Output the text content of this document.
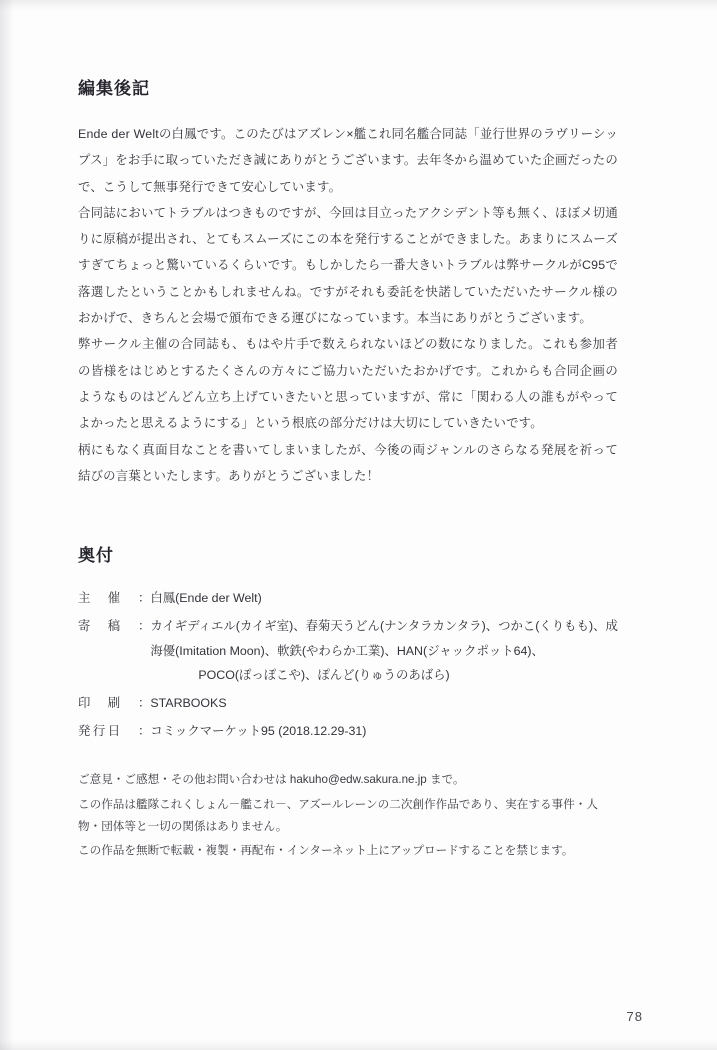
編集後記

Ende der Weltの白鳳です。このたびはアズレン×艦これ同名艦合同誌「並行世界のラヴリーシップス」をお手に取っていただき誠にありがとうございます。去年冬から温めていた企画だったので、こうして無事発行できて安心しています。

合同誌においてトラブルはつきものですが、今回は目立ったアクシデント等も無く、ほぼメ切通りに原稿が提出され、とてもスムーズにこの本を発行することができました。あまりにスムーズすぎてちょっと驚いているくらいです。もしかしたら一番大きいトラブルは弊サークルがC95で落選したということかもしれませんね。ですがそれも委託を快諾していただいたサークル様のおかげで、きちんと会場で頒布できる運びになっています。本当にありがとうございます。

弊サークル主催の合同誌も、もはや片手で数えられないほどの数になりました。これも参加者の皆様をはじめとするたくさんの方々にご協力いただいたおかげです。これからも合同企画のようなものはどんどん立ち上げていきたいと思っていますが、常に「関わる人の誰もがやってよかったと思えるようにする」という根底の部分だけは大切にしていきたいです。

柄にもなく真面目なことを書いてしまいましたが、今後の両ジャンルのさらなる発展を祈って結びの言葉といたします。ありがとうございました！

奥付
主　催	： 白鳳(Ende der Welt)
寄　稿	： カイギディエル(カイギ室)、春菊天うどん(ナンタラカンタラ)、つかこ(くりもも)、成海優(Imitation Moon)、軟鉄(やわらか工業)、HAN(ジャックポット64)、
POCO(ぽっぽこや)、ぽんど(りゅうのあばら)
印　刷	： STARBOOKS
発行日	： コミックマーケット95 (2018.12.29-31)

ご意見・ご感想・その他お問い合わせは hakuho@edw.sakura.ne.jp まで。

この作品は艦隊これくしょん－艦これ－、アズールレーンの二次創作作品であり、実在する事件・人物・団体等と一切の関係はありません。

この作品を無断で転載・複製・再配布・インターネット上にアップロードすることを禁じます。

78
